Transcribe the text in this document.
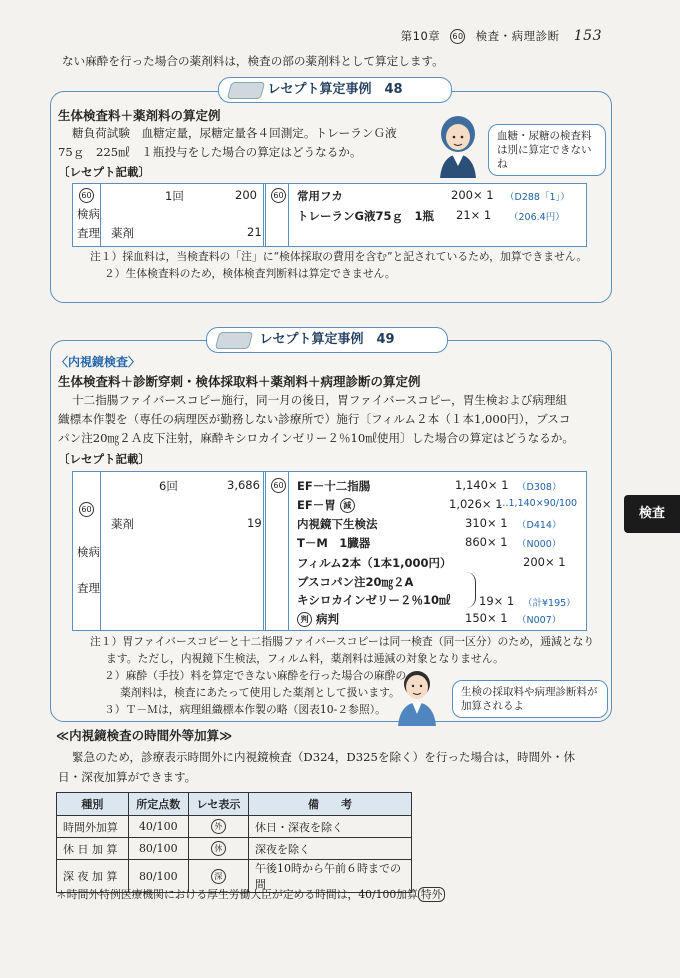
第10章 60 検査・病理診断 153
ない麻酔を行った場合の薬剤料は，検査の部の薬剤料として算定します。
レセプト算定事例　48
生体検査料＋薬剤料の算定例
糖負荷試験　血糖定量，尿糖定量各４回測定。トレーランＧ液
75ｇ　225㎖　１瓶投与をした場合の算定はどうなるか。
〔レセプト記載〕
血糖・尿糖の検査料は別に算定できないね
60
検病
査理
1回	200
薬剤	21
60 常用フカ	200× 1 （D288「1」）
トレーランG液75ｇ　1瓶 21× 1 （206.4円）
注１）採血料は，当検査料の「注」に“検体採取の費用を含む”と記されているため，加算できません。
２）生体検査料のため，検体検査判断料は算定できません。
レセプト算定事例　49
〈内視鏡検査〉
生体検査料＋診断穿刺・検体採取料＋薬剤料＋病理診断の算定例
十二指腸ファイバースコピー施行，同一月の後日，胃ファイバースコピー，胃生検および病理組
織標本作製を（専任の病理医が勤務しない診療所で）施行〔フィルム２本（１本1,000円），ブスコ
パン注20㎎２Ａ皮下注射，麻酔キシロカインゼリー２％10㎖使用〕した場合の算定はどうなるか。
〔レセプト記載〕
60
検病
査理
6回	3,686
薬剤	19
60 EF－十二指腸	1,140× 1 （D308）
EF－胃 減	1,026× 1
…1,140×90/100
内視鏡下生検法	310× 1 （D414）
T－M　1臓器	860× 1 （N000）
フィルム2本（1本1,000円）	200× 1
ブスコパン注20㎎２A
キシロカインゼリー２％10㎖ 19× 1 （計¥195）
判 病判	150× 1 （N007）
注１）胃ファイバースコピーと十二指腸ファイバースコピーは同一検査（同一区分）のため，逓減となり
ます。ただし，内視鏡下生検法，フィルム料，薬剤料は逓減の対象となりません。
２）麻酔（手技）料を算定できない麻酔を行った場合の麻酔の
薬剤料は，検査にあたって使用した薬剤として扱います。
３）Ｔ－Ｍは，病理組織標本作製の略（図表10-２参照）。
生検の採取料や病理診断料が加算されるよ
検査
≪内視鏡検査の時間外等加算≫
緊急のため，診療表示時間外に内視鏡検査（D324，D325を除く）を行った場合は，時間外・休
日・深夜加算ができます。
種別	所定点数	レセ表示	備　　考
時間外加算	40/100	外	休日・深夜を除く
休 日 加 算	80/100	休	深夜を除く
深 夜 加 算	80/100	深	午後10時から午前６時までの間
＊時間外特例医療機関における厚生労働大臣が定める時間は，40/100加算 特外
